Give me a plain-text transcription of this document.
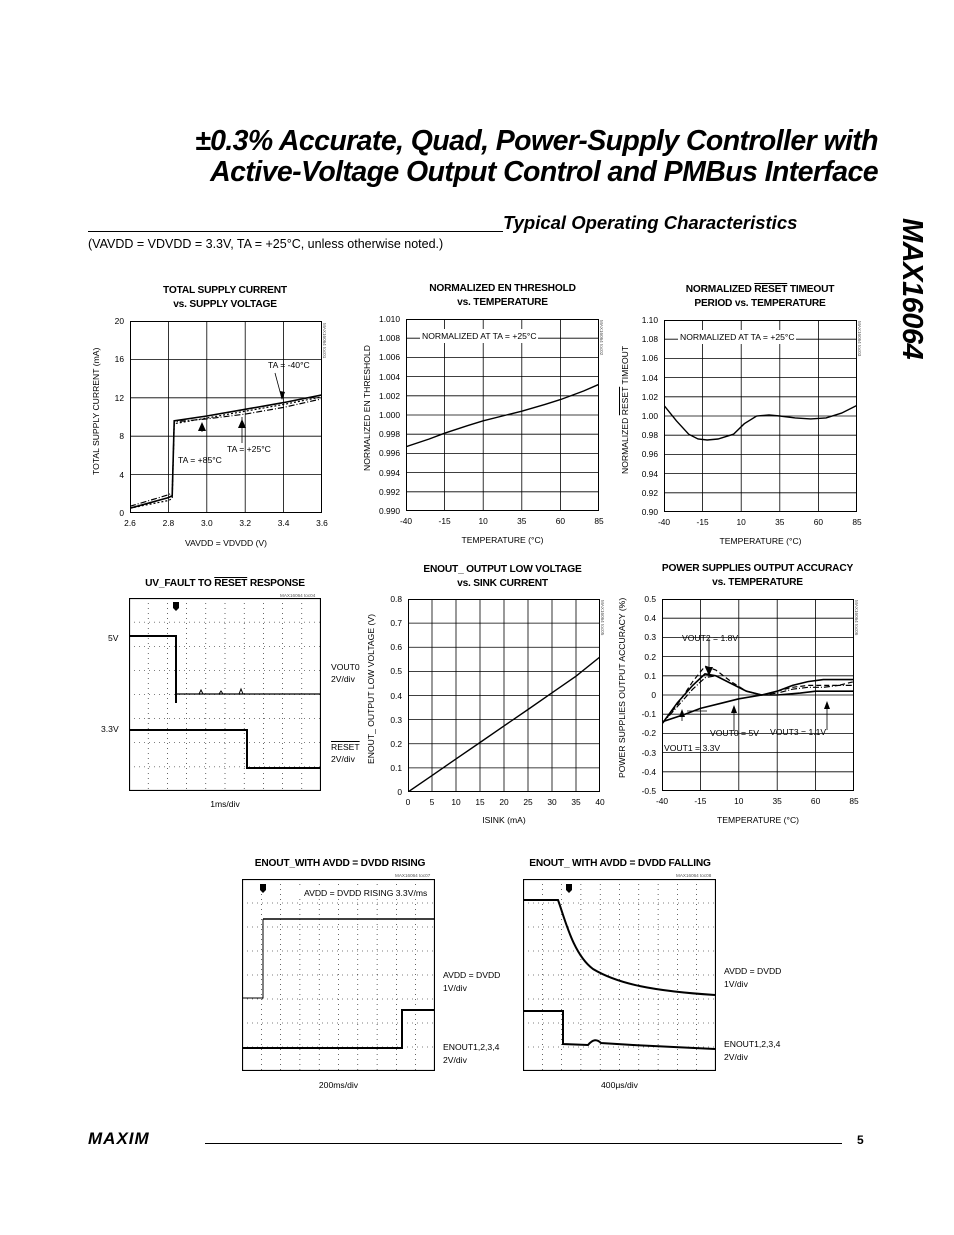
±0.3% Accurate, Quad, Power-Supply Controller with
Active-Voltage Output Control and PMBus Interface
MAX16064
Typical Operating Characteristics
(VAVDD = VDVDD = 3.3V, TA = +25°C, unless otherwise noted.)
TOTAL SUPPLY CURRENT
vs. SUPPLY VOLTAGE
NORMALIZED EN THRESHOLD
vs. TEMPERATURE
NORMALIZED RESET TIMEOUT
PERIOD vs. TEMPERATURE
UV_FAULT TO RESET RESPONSE
ENOUT_ OUTPUT LOW VOLTAGE
vs. SINK CURRENT
POWER SUPPLIES OUTPUT ACCURACY
vs. TEMPERATURE
ENOUT_WITH AVDD = DVDD RISING	ENOUT_ WITH AVDD = DVDD FALLING
MAX16064 toc01
TA = -40°C
TA = +25°C
TA = +85°C
TOTAL SUPPLY CURRENT (mA)
VAVDD = VDVDD (V)
2.6	2.8	3.0	3.2	3.4	3.6
0
4
8
12
16
20
NORMALIZED AT TA = +25°C	MAX16064 toc02
NORMALIZED EN THRESHOLD
TEMPERATURE (°C)
-40	-15	10	35	60	85
0.990
0.992
0.994
0.996
0.998
1.000
1.002
1.004
1.006
1.008
1.010
NORMALIZED AT TA = +25°C	MAX16064 toc03
NORMALIZED RESET TIMEOUT
TEMPERATURE (°C)
-40	-15	10	35	60	85
0.90
0.92
0.94
0.96
0.98
1.00
1.02
1.04
1.06
1.08
1.10
MAX16064 toc04
5V
3.3V
VOUT0
2V/div
RESET
2V/div
1ms/div
MAX16064 toc05
ENOUT_ OUTPUT LOW VOLTAGE (V)
ISINK (mA)
0	5	10	15	20	25	30	35	40
0
0.1
0.2
0.3
0.4
0.5
0.6
0.7
0.8
MAX16064 toc06
VOUT2 = 1.8V
VOUT0 = 5V VOUT3 = 1.1V
VOUT1 = 3.3V
POWER SUPPLIES OUTPUT ACCURACY (%)
TEMPERATURE (°C)
-40	-15	10	35	60	85
-0.5
-0.4
-0.3
-0.2
-0.1
0
0.1
0.2
0.3
0.4
0.5
AVDD = DVDD RISING 3.3V/ms
MAX16064 toc07
AVDD = DVDD
1V/div
ENOUT1,2,3,4
2V/div
200ms/div
MAX16064 toc08
AVDD = DVDD
1V/div
ENOUT1,2,3,4
2V/div
400μs/div
MAXIM	5
